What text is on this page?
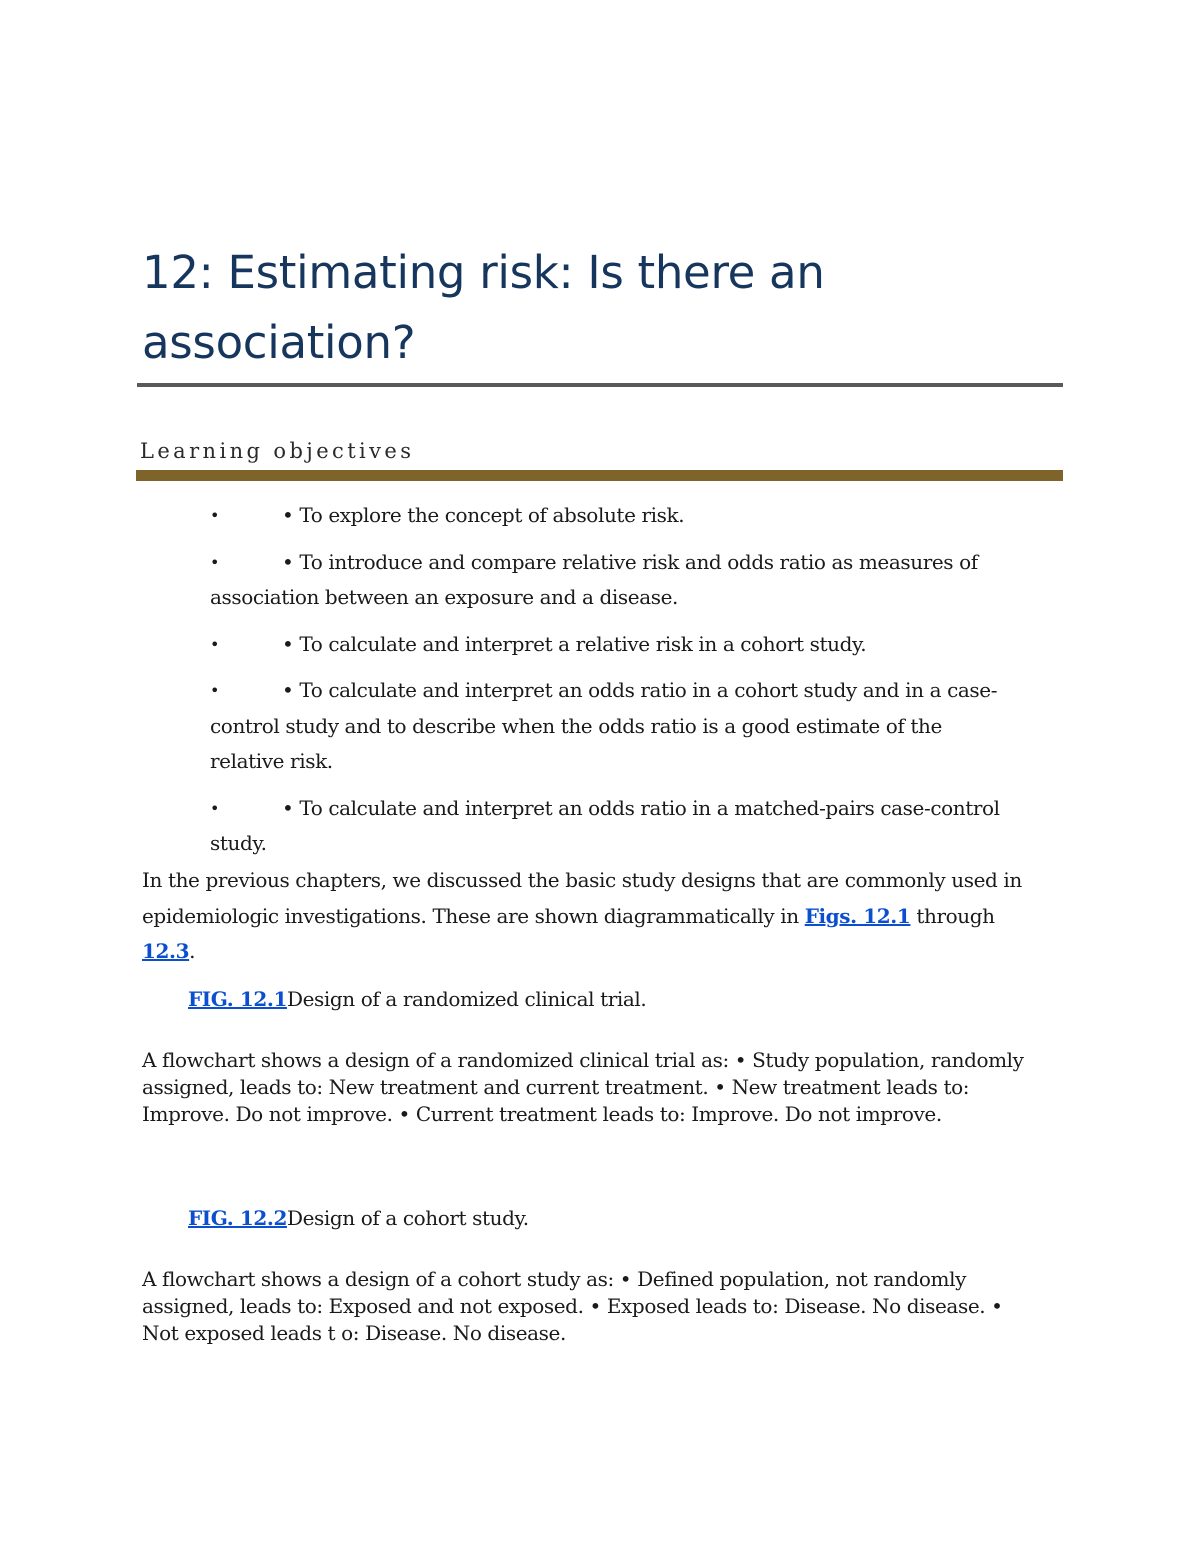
12: Estimating risk: Is there an association?
Learning objectives
•	• To explore the concept of absolute risk.
•	• To introduce and compare relative risk and odds ratio as measures of association between an exposure and a disease.
•	• To calculate and interpret a relative risk in a cohort study.
•	• To calculate and interpret an odds ratio in a cohort study and in a case-control study and to describe when the odds ratio is a good estimate of the relative risk.
•	• To calculate and interpret an odds ratio in a matched-pairs case-control study.

In the previous chapters, we discussed the basic study designs that are commonly used in epidemiologic investigations. These are shown diagrammatically in Figs. 12.1 through 12.3.

FIG. 12.1Design of a randomized clinical trial.

A flowchart shows a design of a randomized clinical trial as: • Study population, randomly assigned, leads to: New treatment and current treatment. • New treatment leads to: Improve. Do not improve. • Current treatment leads to: Improve. Do not improve.

FIG. 12.2Design of a cohort study.

A flowchart shows a design of a cohort study as: • Defined population, not randomly assigned, leads to: Exposed and not exposed. • Exposed leads to: Disease. No disease. • Not exposed leads t o: Disease. No disease.
